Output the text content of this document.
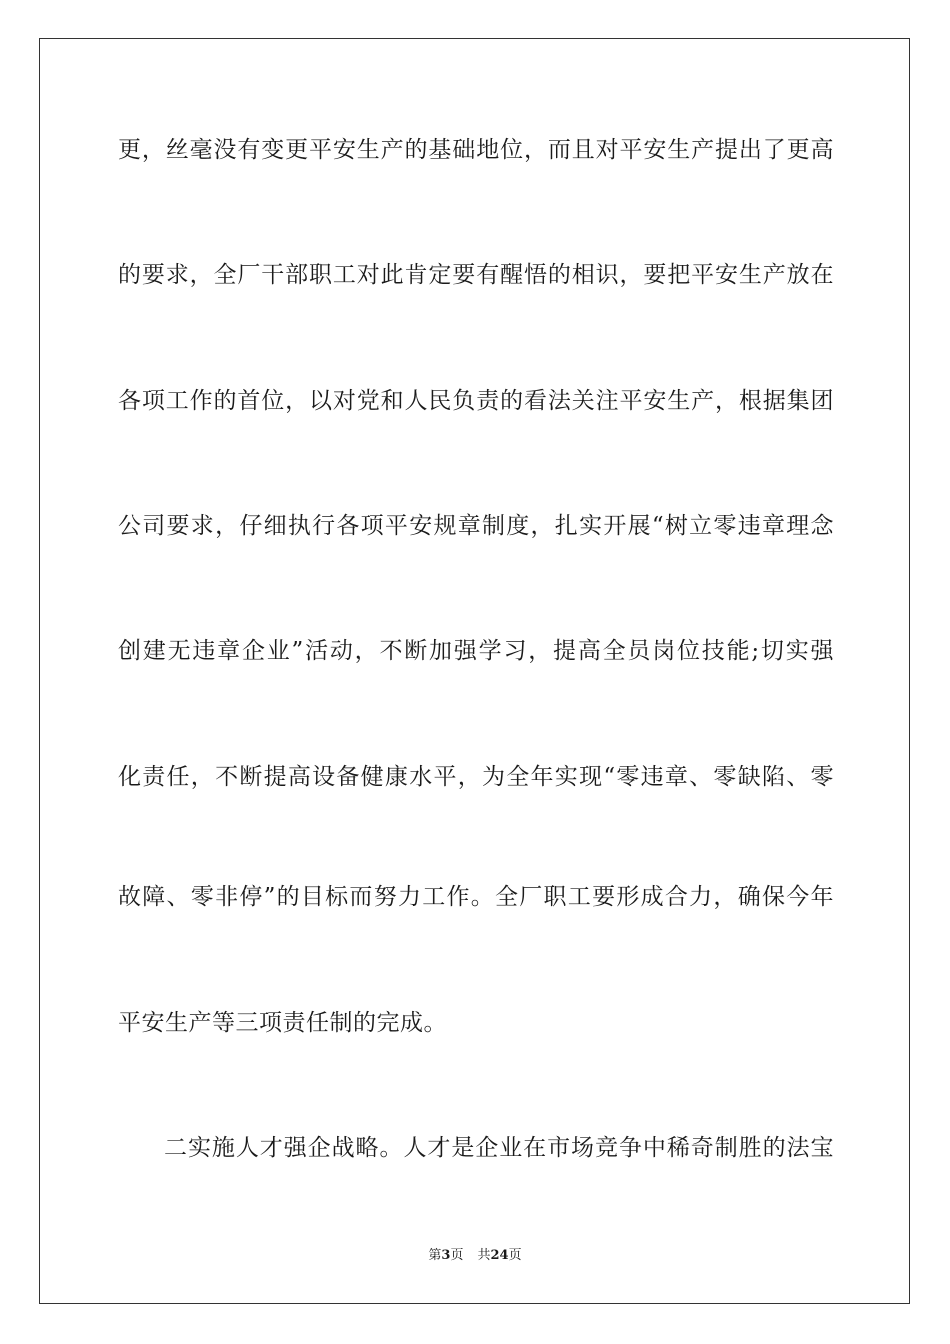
更，丝毫没有变更平安生产的基础地位，而且对平安生产提出了更高
的要求，全厂干部职工对此肯定要有醒悟的相识，要把平安生产放在
各项工作的首位，以对党和人民负责的看法关注平安生产，根据集团
公司要求，仔细执行各项平安规章制度，扎实开展“树立零违章理念
创建无违章企业”活动，不断加强学习，提高全员岗位技能;切实强
化责任，不断提高设备健康水平，为全年实现“零违章、零缺陷、零
故障、零非停”的目标而努力工作。全厂职工要形成合力，确保今年
平安生产等三项责任制的完成。
二实施人才强企战略。人才是企业在市场竞争中稀奇制胜的法宝
第3页 共24页
